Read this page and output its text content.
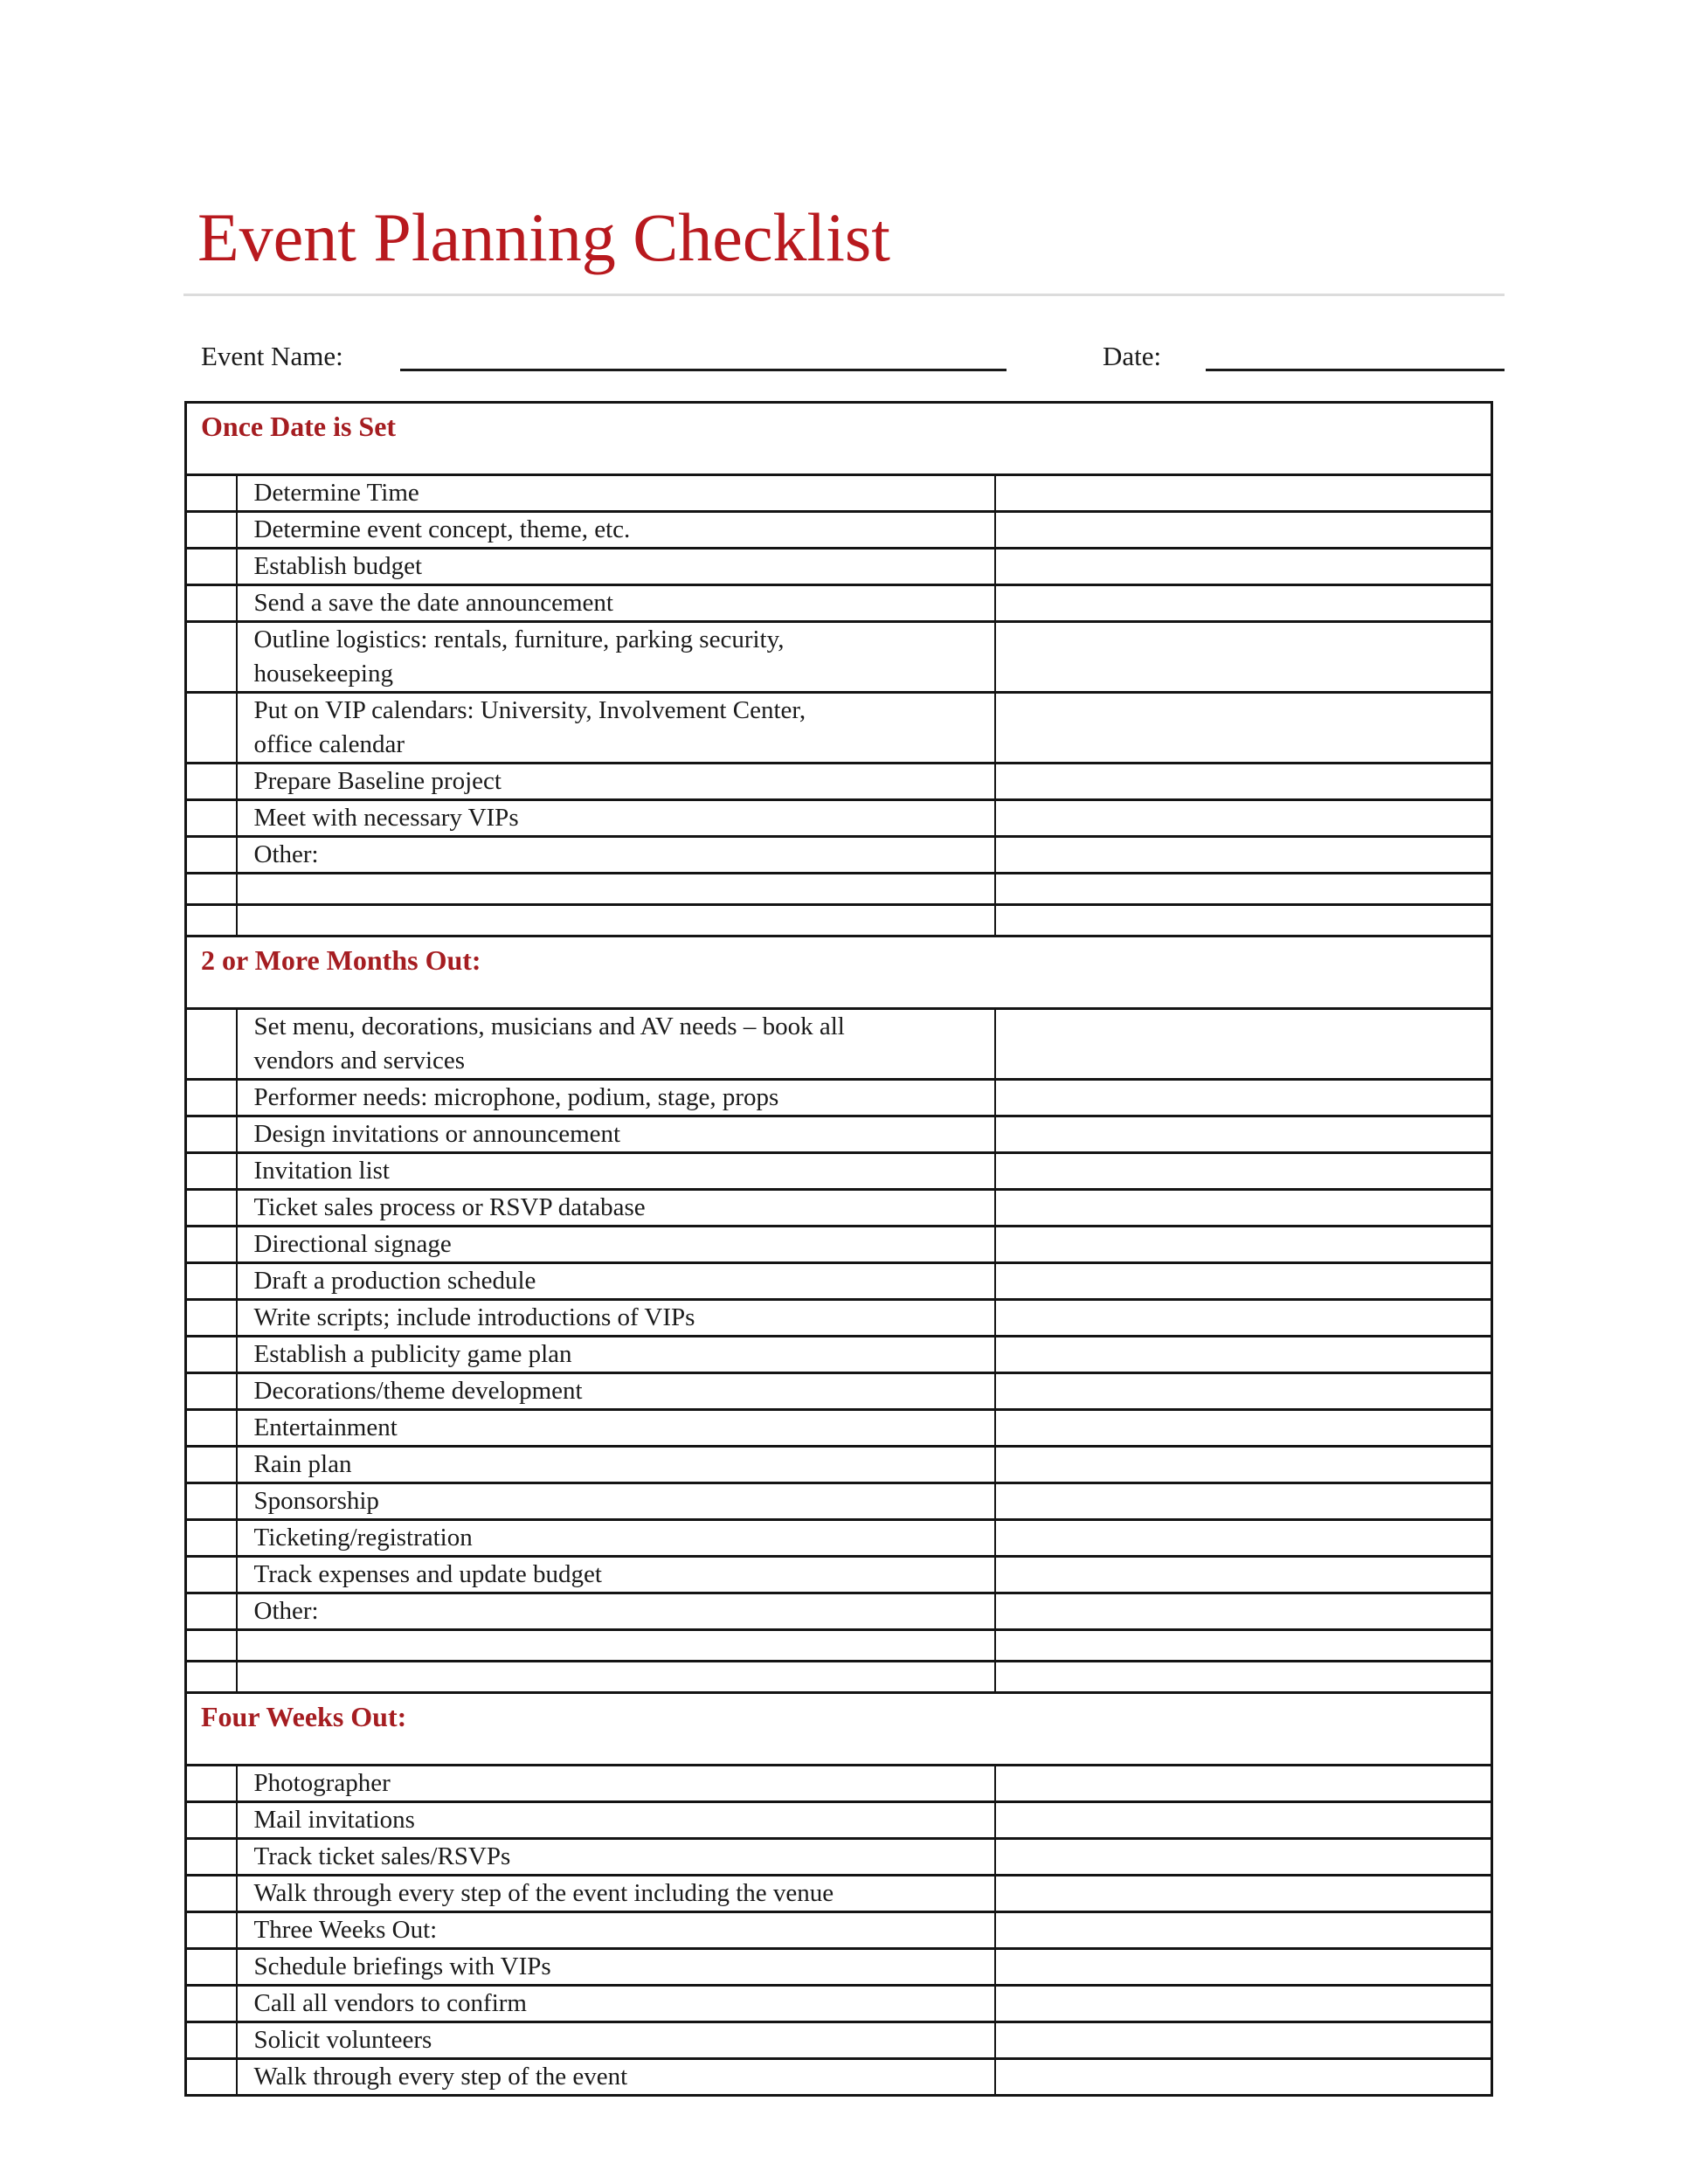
Event Planning Checklist
Event Name:	Date:
Once Date is Set		
	Determine Time	
	Determine event concept, theme, etc.	
	Establish budget	
	Send a save the date announcement	
	Outline logistics: rentals, furniture, parking security,
housekeeping	
	Put on VIP calendars: University, Involvement Center,
office calendar	
	Prepare Baseline project	
	Meet with necessary VIPs	
	Other:	

2 or More Months Out:		
	Set menu, decorations, musicians and AV needs – book all
vendors and services	
	Performer needs: microphone, podium, stage, props	
	Design invitations or announcement	
	Invitation list	
	Ticket sales process or RSVP database	
	Directional signage	
	Draft a production schedule	
	Write scripts; include introductions of VIPs	
	Establish a publicity game plan	
	Decorations/theme development	
	Entertainment	
	Rain plan	
	Sponsorship	
	Ticketing/registration	
	Track expenses and update budget	
	Other:	

Four Weeks Out:		
	Photographer	
	Mail invitations	
	Track ticket sales/RSVPs	
	Walk through every step of the event including the venue	
	Three Weeks Out:	
	Schedule briefings with VIPs	
	Call all vendors to confirm	
	Solicit volunteers	
	Walk through every step of the event	
